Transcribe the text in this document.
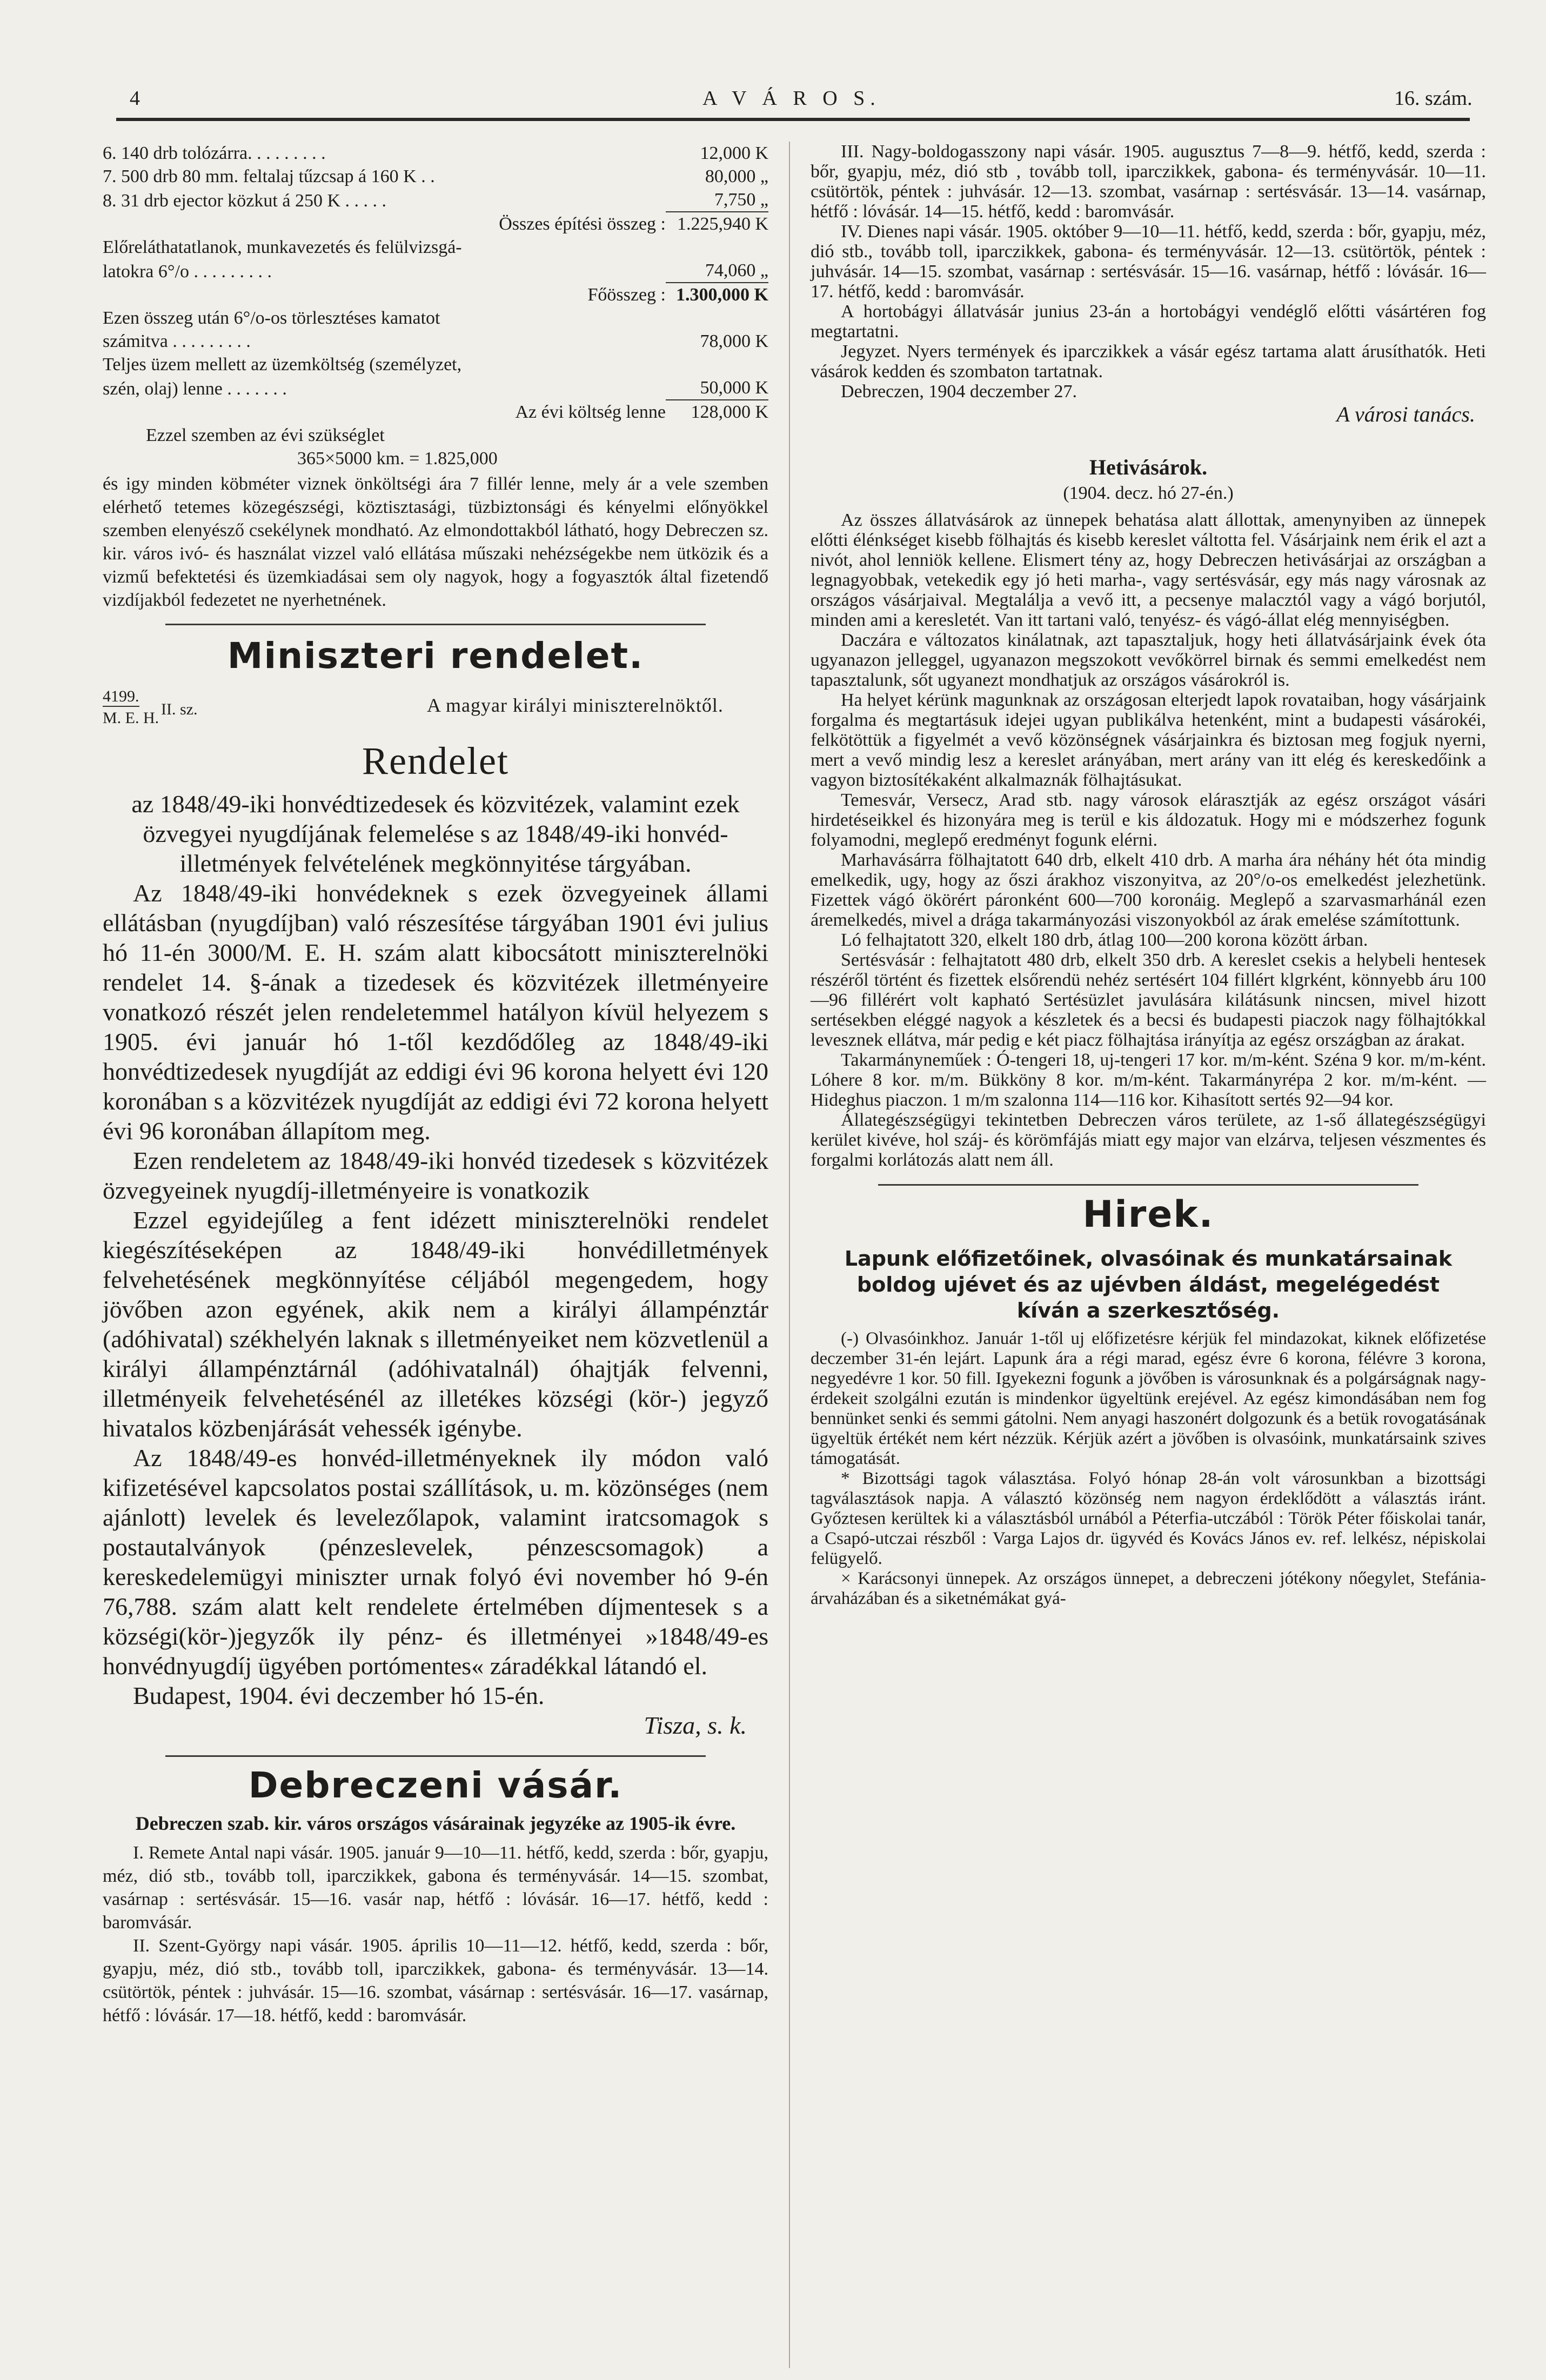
4	A V Á R O S.	16. szám.
6. 140 drb tolózárra. . . . . . . . .	12,000 K
7. 500 drb 80 mm. feltalaj tűzcsap á 160 K . .	80,000 „
8. 31 drb ejector közkut á 250 K . . . . .	7,750 „
Összes építési összeg : 1.225,940 K
Előreláthatatlanok, munkavezetés és felülvizsgá-
latokra 6°/o . . . . . . . . .	74,060 „
Főösszeg : 1.300,000 K
Ezen összeg után 6°/o-os törlesztéses kamatot
számitva . . . . . . . . .	78,000 K
Teljes üzem mellett az üzemköltség (személyzet,
szén, olaj) lenne . . . . . . .	50,000 K
Az évi költség lenne	128,000 K
Ezzel szemben az évi szükséglet
365×5000 km. = 1.825,000

és igy minden köbméter viznek önköltségi ára 7 fillér lenne, mely ár a vele szemben elérhető tetemes közegészségi, köztisztasági, tüzbiztonsági és kényelmi előnyökkel szemben elenyésző csekélynek mondható. Az elmondottakból látható, hogy Debreczen sz. kir. város ivó- és használat vizzel való ellátása műszaki nehézségekbe nem ütközik és a vizmű befektetési és üzemkiadásai sem oly nagyok, hogy a fogyasztók által fizetendő vizdíjakból fedezetet ne nyerhetnének.

Miniszteri rendelet.
4199.
M. E. H. II. sz.	A magyar királyi miniszterelnöktől.
Rendelet

az 1848/49-iki honvédtizedesek és közvitézek, valamint ezek özvegyei nyugdíjának felemelése s az 1848/49-iki honvéd-illetmények felvételének megkönnyitése tárgyában.

Az 1848/49-iki honvédeknek s ezek özvegyeinek állami ellátásban (nyugdíjban) való részesítése tárgyában 1901 évi julius hó 11-én 3000/M. E. H. szám alatt kibocsátott miniszterelnöki rendelet 14. §-ának a tizedesek és közvitézek illetményeire vonatkozó részét jelen rendeletemmel hatályon kívül helyezem s 1905. évi január hó 1-től kezdődőleg az 1848/49-iki honvédtizedesek nyugdíját az eddigi évi 96 korona helyett évi 120 koronában s a közvitézek nyugdíját az eddigi évi 72 korona helyett évi 96 koronában állapítom meg.

Ezen rendeletem az 1848/49-iki honvéd tizedesek s közvitézek özvegyeinek nyugdíj-illetményeire is vonatkozik

Ezzel egyidejűleg a fent idézett miniszterelnöki rendelet kiegészítéseképen az 1848/49-iki honvédilletmények felvehetésének megkönnyítése céljából megengedem, hogy jövőben azon egyének, akik nem a királyi állampénztár (adóhivatal) székhelyén laknak s illetményeiket nem közvetlenül a királyi állampénztárnál (adóhivatalnál) óhajtják felvenni, illetményeik felvehetésénél az illetékes községi (kör-) jegyző hivatalos közbenjárását vehessék igénybe.

Az 1848/49-es honvéd-illetményeknek ily módon való kifizetésével kapcsolatos postai szállítások, u. m. közönséges (nem ajánlott) levelek és levelezőlapok, valamint iratcsomagok s postautalványok (pénzeslevelek, pénzescsomagok) a kereskedelemügyi miniszter urnak folyó évi november hó 9-én 76,788. szám alatt kelt rendelete értelmében díjmentesek s a községi(kör-)jegyzők ily pénz- és illetményei »1848/49-es honvédnyugdíj ügyében portómentes« záradékkal látandó el.

Budapest, 1904. évi deczember hó 15-én.

Tisza, s. k.

Debreczeni vásár.

Debreczen szab. kir. város országos vásárainak jegyzéke az 1905-ik évre.

I. Remete Antal napi vásár. 1905. január 9—10—11. hétfő, kedd, szerda : bőr, gyapju, méz, dió stb., tovább toll, iparczikkek, gabona és terményvásár. 14—15. szombat, vasárnap : sertésvásár. 15—16. vasár nap, hétfő : lóvásár. 16—17. hétfő, kedd : baromvásár.

II. Szent-György napi vásár. 1905. április 10—11—12. hétfő, kedd, szerda : bőr, gyapju, méz, dió stb., tovább toll, iparczikkek, gabona- és terményvásár. 13—14. csütörtök, péntek : juhvásár. 15—16. szombat, vásárnap : sertésvásár. 16—17. vasárnap, hétfő : lóvásár. 17—18. hétfő, kedd : baromvásár.

III. Nagy-boldogasszony napi vásár. 1905. augusztus 7—8—9. hétfő, kedd, szerda : bőr, gyapju, méz, dió stb , tovább toll, iparczikkek, gabona- és terményvásár. 10—11. csütörtök, péntek : juhvásár. 12—13. szombat, vasárnap : sertésvásár. 13—14. vasárnap, hétfő : lóvásár. 14—15. hétfő, kedd : baromvásár.

IV. Dienes napi vásár. 1905. október 9—10—11. hétfő, kedd, szerda : bőr, gyapju, méz, dió stb., tovább toll, iparczikkek, gabona- és terményvásár. 12—13. csütörtök, péntek : juhvásár. 14—15. szombat, vasárnap : sertésvásár. 15—16. vasárnap, hétfő : lóvásár. 16—17. hétfő, kedd : baromvásár.

A hortobágyi állatvásár junius 23-án a hortobágyi vendéglő előtti vásártéren fog megtartatni.

Jegyzet. Nyers termények és iparczikkek a vásár egész tartama alatt árusíthatók. Heti vásárok kedden és szombaton tartatnak.

Debreczen, 1904 deczember 27.

A városi tanács.

Hetivásárok.
(1904. decz. hó 27-én.)

Az összes állatvásárok az ünnepek behatása alatt állottak, amenynyiben az ünnepek előtti élénkséget kisebb fölhajtás és kisebb kereslet váltotta fel. Vásárjaink nem érik el azt a nivót, ahol lenniök kellene. Elismert tény az, hogy Debreczen hetivásárjai az országban a legnagyobbak, vetekedik egy jó heti marha-, vagy sertésvásár, egy más nagy városnak az országos vásárjaival. Megtalálja a vevő itt, a pecsenye malacztól vagy a vágó borjutól, minden ami a keresletét. Van itt tartani való, tenyész- és vágó-állat elég mennyiségben.

Daczára e változatos kinálatnak, azt tapasztaljuk, hogy heti állatvásárjaink évek óta ugyanazon jelleggel, ugyanazon megszokott vevőkörrel birnak és semmi emelkedést nem tapasztalunk, sőt ugyanezt mondhatjuk az országos vásárokról is.

Ha helyet kérünk magunknak az országosan elterjedt lapok rovataiban, hogy vásárjaink forgalma és megtartásuk idejei ugyan publikálva hetenként, mint a budapesti vásárokéі, felkötöttük a figyelmét a vevő közönségnek vásárjainkra és biztosan meg fogjuk nyerni, mert a vevő mindig lesz a kereslet arányában, mert arány van itt elég és kereskedőink a vagyon biztosítékaként alkalmaznák fölhajtásukat.

Temesvár, Versecz, Arad stb. nagy városok elárasztják az egész országot vásári hirdetéseikkel és hizonyára meg is terül e kis áldozatuk. Hogy mi e módszerhez fogunk folyamodni, meglepő eredményt fogunk elérni.

Marhavásárra fölhajtatott 640 drb, elkelt 410 drb. A marha ára néhány hét óta mindig emelkedik, ugy, hogy az őszi árakhoz viszonyitva, az 20°/o-os emelkedést jelezhetünk. Fizettek vágó ökörért páronként 600—700 koronáig. Meglepő a szarvasmarhánál ezen áremelkedés, mivel a drága takarmányozási viszonyokból az árak emelése számítottunk.

Ló felhajtatott 320, elkelt 180 drb, átlag 100—200 korona között árban.

Sertésvásár : felhajtatott 480 drb, elkelt 350 drb. A kereslet csekis a helybeli hentesek részéről történt és fizettek elsőrendü nehéz sertésért 104 fillért klgrként, könnyebb áru 100—96 fillérért volt kapható Sertésüzlet javulására kilátásunk nincsen, mivel hizott sertésekben eléggé nagyok a készletek és a becsi és budapesti piaczok nagy fölhajtókkal levesznek ellátva, már pedig e két piacz fölhajtása irányítja az egész országban az árakat.

Takarmányneműek : Ó-tengeri 18, uj-tengeri 17 kor. m/m-ként. Széna 9 kor. m/m-ként. Lóhere 8 kor. m/m. Bükköny 8 kor. m/m-ként. Takarmányrépa 2 kor. m/m-ként. — Hideghus piaczon. 1 m/m szalonna 114—116 kor. Kihasított sertés 92—94 kor.

Állategészségügyi tekintetben Debreczen város területe, az 1-ső állategészségügyi kerület kivéve, hol száj- és körömfájás miatt egy major van elzárva, teljesen vészmentes és forgalmi korlátozás alatt nem áll.

Hirek.

Lapunk előfizetőinek, olvasóinak és munkatársainak boldog ujévet és az ujévben áldást, megelégedést kíván a szerkesztőség.

(-) Olvasóinkhoz. Január 1-től uj előfizetésre kérjük fel mindazokat, kiknek előfizetése deczember 31-én lejárt. Lapunk ára a régi marad, egész évre 6 korona, félévre 3 korona, negyedévre 1 kor. 50 fill. Igyekezni fogunk a jövőben is városunknak és a polgárságnak nagy-érdekeit szolgálni ezután is mindenkor ügyeltünk erejével. Az egész kimondásában nem fog bennünket senki és semmi gátolni. Nem anyagi haszonért dolgozunk és a betük rovogatásának ügyeltük értékét nem kért nézzük. Kérjük azért a jövőben is olvasóink, munkatársaink szives támogatását.

* Bizottsági tagok választása. Folyó hónap 28-án volt városunkban a bizottsági tagválasztások napja. A választó közönség nem nagyon érdeklődött a választás iránt. Győztesen kerültek ki a választásból urnából a Péterfia-utczából : Török Péter főiskolai tanár, a Csapó-utczai részből : Varga Lajos dr. ügyvéd és Kovács János ev. ref. lelkész, népiskolai felügyelő.

× Karácsonyi ünnepek. Az országos ünnepet, a debreczeni jótékony nőegylet, Stefánia-árvaházában és a siketnémákat gyá-
